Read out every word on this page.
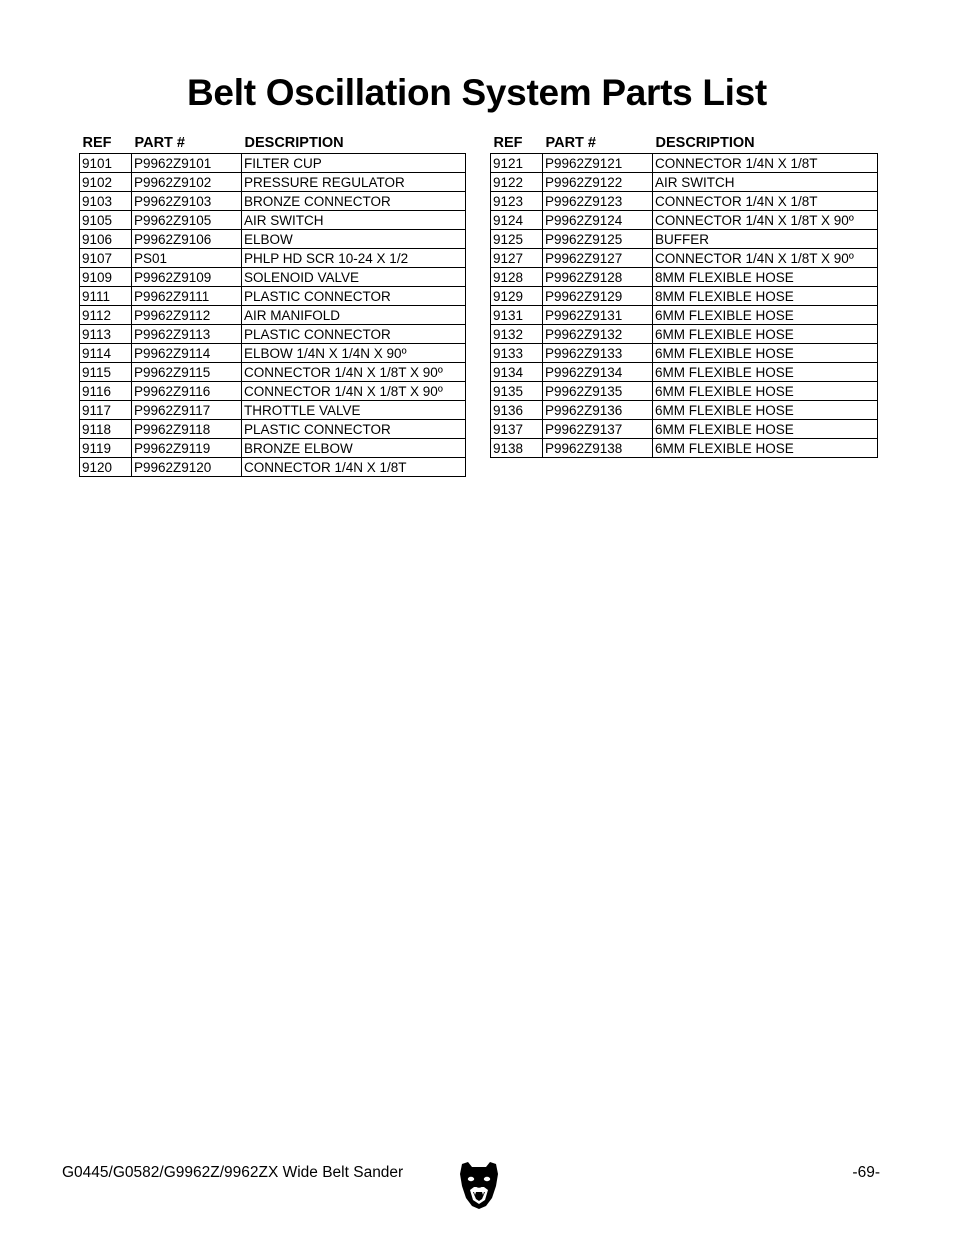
Belt Oscillation System Parts List
REF	PART #	DESCRIPTION
9101	P9962Z9101	FILTER CUP
9102	P9962Z9102	PRESSURE REGULATOR
9103	P9962Z9103	BRONZE CONNECTOR
9105	P9962Z9105	AIR SWITCH
9106	P9962Z9106	ELBOW
9107	PS01	PHLP HD SCR 10-24 X 1/2
9109	P9962Z9109	SOLENOID VALVE
9111	P9962Z9111	PLASTIC CONNECTOR
9112	P9962Z9112	AIR MANIFOLD
9113	P9962Z9113	PLASTIC CONNECTOR
9114	P9962Z9114	ELBOW 1/4N X 1/4N X 90º
9115	P9962Z9115	CONNECTOR 1/4N X 1/8T X 90º
9116	P9962Z9116	CONNECTOR 1/4N X 1/8T X 90º
9117	P9962Z9117	THROTTLE VALVE
9118	P9962Z9118	PLASTIC CONNECTOR
9119	P9962Z9119	BRONZE ELBOW
9120	P9962Z9120	CONNECTOR 1/4N X 1/8T
REF	PART #	DESCRIPTION
9121	P9962Z9121	CONNECTOR 1/4N X 1/8T
9122	P9962Z9122	AIR SWITCH
9123	P9962Z9123	CONNECTOR 1/4N X 1/8T
9124	P9962Z9124	CONNECTOR 1/4N X 1/8T X 90º
9125	P9962Z9125	BUFFER
9127	P9962Z9127	CONNECTOR 1/4N X 1/8T X 90º
9128	P9962Z9128	8MM FLEXIBLE HOSE
9129	P9962Z9129	8MM FLEXIBLE HOSE
9131	P9962Z9131	6MM FLEXIBLE HOSE
9132	P9962Z9132	6MM FLEXIBLE HOSE
9133	P9962Z9133	6MM FLEXIBLE HOSE
9134	P9962Z9134	6MM FLEXIBLE HOSE
9135	P9962Z9135	6MM FLEXIBLE HOSE
9136	P9962Z9136	6MM FLEXIBLE HOSE
9137	P9962Z9137	6MM FLEXIBLE HOSE
9138	P9962Z9138	6MM FLEXIBLE HOSE
G0445/G0582/G9962Z/9962ZX Wide Belt Sander	-69-
